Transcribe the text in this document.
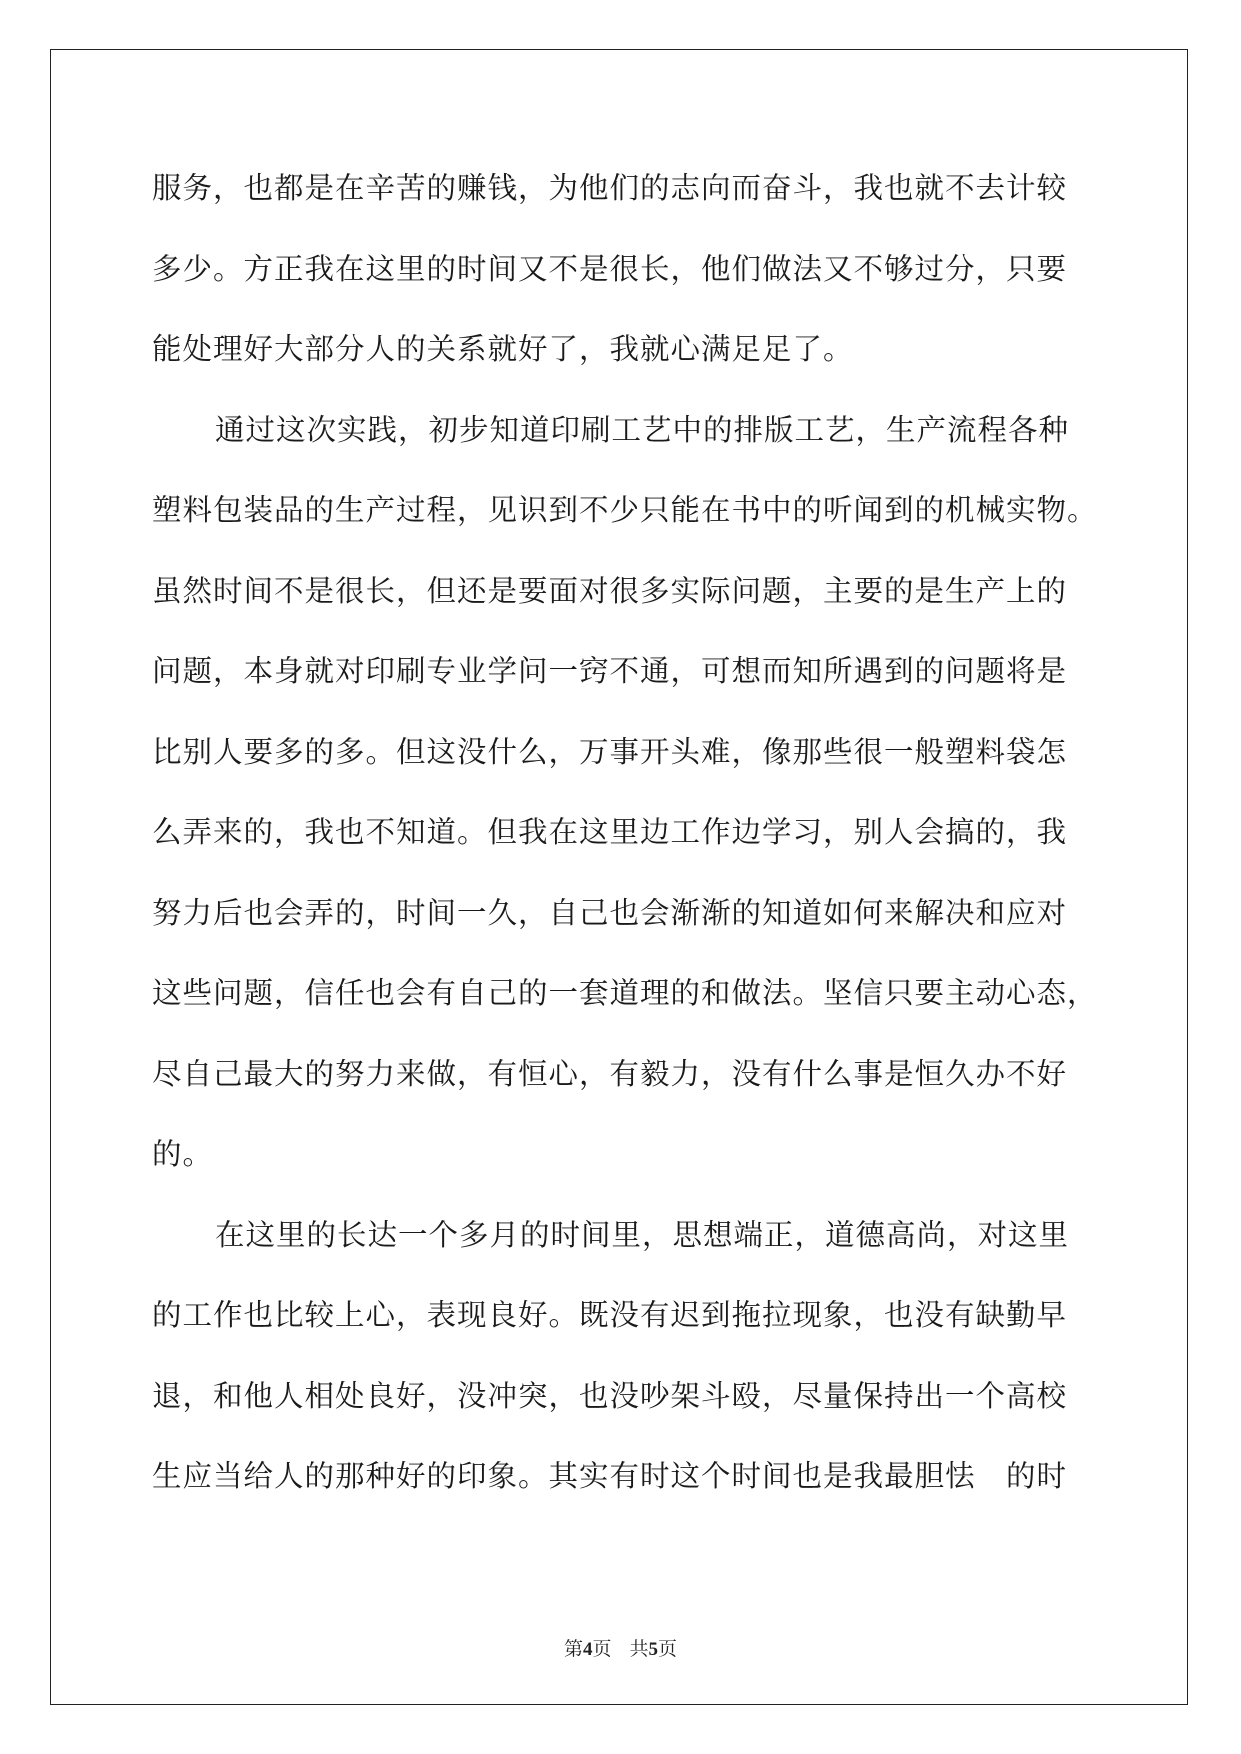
服务，也都是在辛苦的赚钱，为他们的志向而奋斗，我也就不去计较
多少。方正我在这里的时间又不是很长，他们做法又不够过分，只要
能处理好大部分人的关系就好了，我就心满足足了。
通过这次实践，初步知道印刷工艺中的排版工艺，生产流程各种
塑料包装品的生产过程，见识到不少只能在书中的听闻到的机械实物。
虽然时间不是很长，但还是要面对很多实际问题，主要的是生产上的
问题，本身就对印刷专业学问一窍不通，可想而知所遇到的问题将是
比别人要多的多。但这没什么，万事开头难，像那些很一般塑料袋怎
么弄来的，我也不知道。但我在这里边工作边学习，别人会搞的，我
努力后也会弄的，时间一久，自己也会渐渐的知道如何来解决和应对
这些问题，信任也会有自己的一套道理的和做法。坚信只要主动心态，
尽自己最大的努力来做，有恒心，有毅力，没有什么事是恒久办不好
的。
在这里的长达一个多月的时间里，思想端正，道德高尚，对这里
的工作也比较上心，表现良好。既没有迟到拖拉现象，也没有缺勤早
退，和他人相处良好，没冲突，也没吵架斗殴，尽量保持出一个高校
生应当给人的那种好的印象。其实有时这个时间也是我最胆怯　的时
第4页 共5页
